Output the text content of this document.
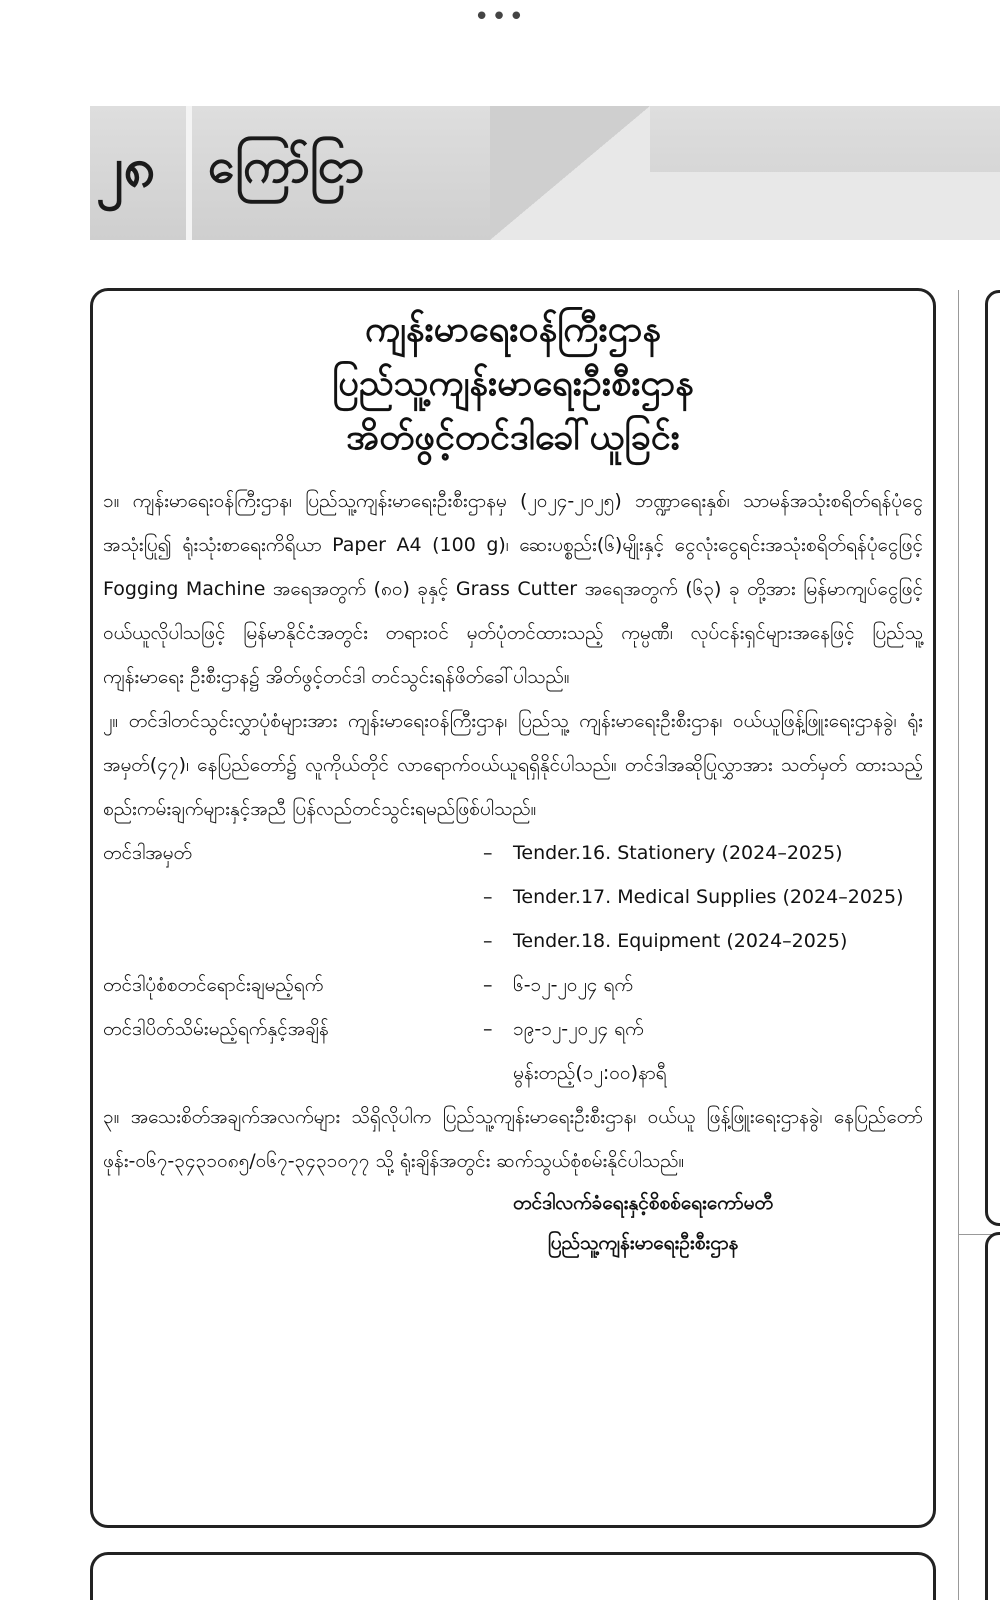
•••
၂၈	ကြော်ငြာ

ကျန်းမာရေးဝန်ကြီးဌာန

ပြည်သူ့ကျန်းမာရေးဦးစီးဌာန

အိတ်ဖွင့်တင်ဒါခေါ်ယူခြင်း

၁။ ကျန်းမာရေးဝန်ကြီးဌာန၊ ပြည်သူ့ကျန်းမာရေးဦးစီးဌာနမှ (၂၀၂၄-၂၀၂၅) ဘဏ္ဍာရေးနှစ်၊ သာမန်အသုံးစရိတ်ရန်ပုံငွေအသုံးပြု၍ ရုံးသုံးစာရေးကိရိယာ Paper A4 (100 g)၊ ဆေးပစ္စည်း(၆)မျိုးနှင့် ငွေလုံးငွေရင်းအသုံးစရိတ်ရန်ပုံငွေဖြင့် Fogging Machine အရေအတွက် (၈၀) ခုနှင့် Grass Cutter အရေအတွက် (၆၃) ခု တို့အား မြန်မာကျပ်ငွေဖြင့် ဝယ်ယူလိုပါသဖြင့် မြန်မာနိုင်ငံအတွင်း တရားဝင် မှတ်ပုံတင်ထားသည့် ကုမ္ပဏီ၊ လုပ်ငန်းရှင်များအနေဖြင့် ပြည်သူ့ကျန်းမာရေး ဦးစီးဌာန၌ အိတ်ဖွင့်တင်ဒါ တင်သွင်းရန်ဖိတ်ခေါ်ပါသည်။

၂။ တင်ဒါတင်သွင်းလွှာပုံစံများအား ကျန်းမာရေးဝန်ကြီးဌာန၊ ပြည်သူ့ ကျန်းမာရေးဦးစီးဌာန၊ ဝယ်ယူဖြန့်ဖြူးရေးဌာနခွဲ၊ ရုံးအမှတ်(၄၇)၊ နေပြည်တော်၌ လူကိုယ်တိုင် လာရောက်ဝယ်ယူရရှိနိုင်ပါသည်။ တင်ဒါအဆိုပြုလွှာအား သတ်မှတ် ထားသည့် စည်းကမ်းချက်များနှင့်အညီ ပြန်လည်တင်သွင်းရမည်ဖြစ်ပါသည်။

တင်ဒါအမှတ်	–	Tender.16. Stationery (2024–2025)
–	Tender.17. Medical Supplies (2024–2025)
–	Tender.18. Equipment (2024–2025)
တင်ဒါပုံစံစတင်ရောင်းချမည့်ရက်	–	၆-၁၂-၂၀၂၄ ရက်
တင်ဒါပိတ်သိမ်းမည့်ရက်နှင့်အချိန်	–	၁၉-၁၂-၂၀၂၄ ရက်
မွန်းတည့်(၁၂:၀၀)နာရီ

၃။ အသေးစိတ်အချက်အလက်များ သိရှိလိုပါက ပြည်သူ့ကျန်းမာရေးဦးစီးဌာန၊ ဝယ်ယူ ဖြန့်ဖြူးရေးဌာနခွဲ၊ နေပြည်တော် ဖုန်း-၀၆၇-၃၄၃၁၀၈၅/၀၆၇-၃၄၃၁၀၇၇ သို့ ရုံးချိန်အတွင်း ဆက်သွယ်စုံစမ်းနိုင်ပါသည်။

တင်ဒါလက်ခံရေးနှင့်စိစစ်ရေးကော်မတီ
ပြည်သူ့ကျန်းမာရေးဦးစီးဌာန
